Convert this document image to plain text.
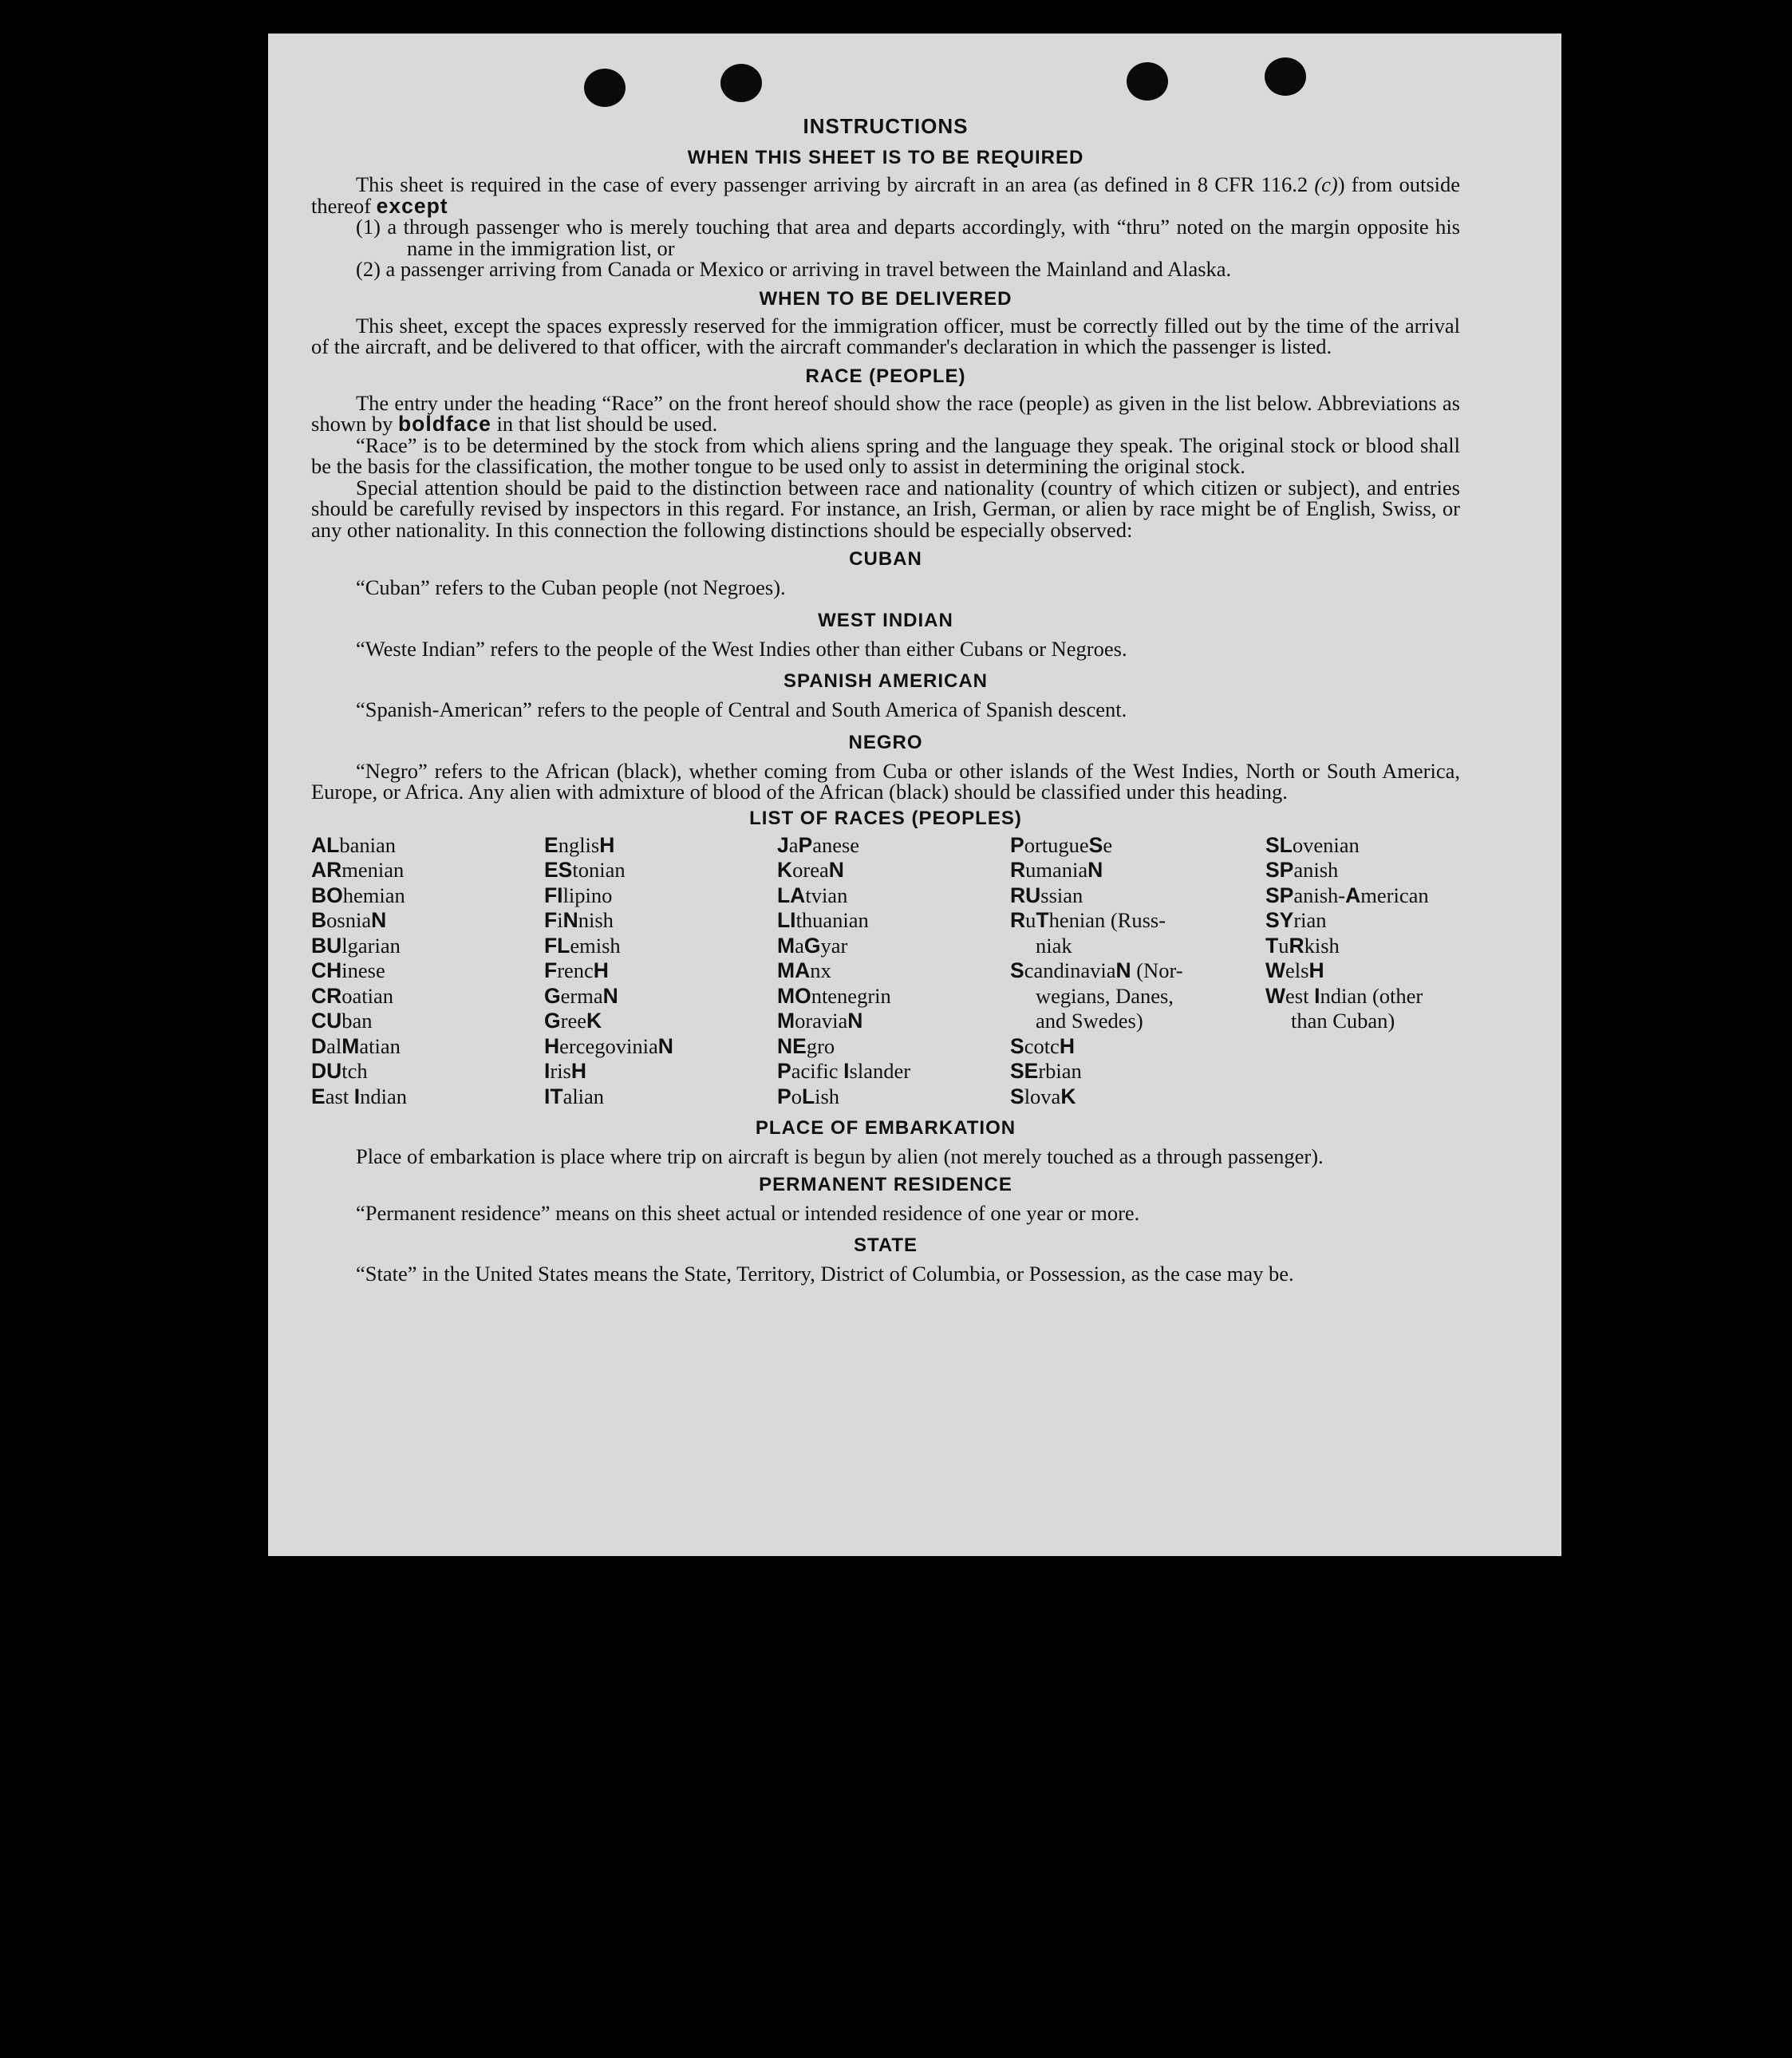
INSTRUCTIONS
WHEN THIS SHEET IS TO BE REQUIRED

This sheet is required in the case of every passenger arriving by aircraft in an area (as defined in 8 CFR 116.2 (c)) from outside thereof except

(1) a through passenger who is merely touching that area and departs accordingly, with “thru” noted on the margin opposite his name in the immigration list, or

(2) a passenger arriving from Canada or Mexico or arriving in travel between the Mainland and Alaska.

WHEN TO BE DELIVERED

This sheet, except the spaces expressly reserved for the immigration officer, must be correctly filled out by the time of the arrival of the aircraft, and be delivered to that officer, with the aircraft commander's declaration in which the passenger is listed.

RACE (PEOPLE)

The entry under the heading “Race” on the front hereof should show the race (people) as given in the list below. Abbreviations as shown by boldface in that list should be used.

“Race” is to be determined by the stock from which aliens spring and the language they speak. The original stock or blood shall be the basis for the classification, the mother tongue to be used only to assist in determining the original stock.

Special attention should be paid to the distinction between race and nationality (country of which citizen or subject), and entries should be carefully revised by inspectors in this regard. For instance, an Irish, German, or alien by race might be of English, Swiss, or any other nationality. In this connection the following distinctions should be especially observed:

CUBAN

“Cuban” refers to the Cuban people (not Negroes).

WEST INDIAN

“Weste Indian” refers to the people of the West Indies other than either Cubans or Negroes.

SPANISH AMERICAN

“Spanish-American” refers to the people of Central and South America of Spanish descent.

NEGRO

“Negro” refers to the African (black), whether coming from Cuba or other islands of the West Indies, North or South America, Europe, or Africa. Any alien with admixture of blood of the African (black) should be classified under this heading.

LIST OF RACES (PEOPLES)
ALbanian
ARmenian
BOhemian
BosniaN
BUlgarian
CHinese
CRoatian
CUban
DalMatian
DUtch
East Indian
EnglisH
EStonian
FIlipino
FiNnish
FLemish
FrencH
GermaN
GreeK
HercegoviniaN
IrisH
ITalian
JaPanese
KoreaN
LAtvian
LIthuanian
MaGyar
MAnx
MOntenegrin
MoraviaN
NEgro
Pacific Islander
PoLish
PortugueSe
RumaniaN
RUssian
RuThenian (Russ-
niak
ScandinaviaN (Nor-
wegians, Danes,
and Swedes)
ScotcH
SErbian
SlovaK
SLovenian
SPanish
SPanish-American
SYrian
TuRkish
WelsH
West Indian (other
than Cuban)
PLACE OF EMBARKATION

Place of embarkation is place where trip on aircraft is begun by alien (not merely touched as a through passenger).

PERMANENT RESIDENCE

“Permanent residence” means on this sheet actual or intended residence of one year or more.

STATE

“State” in the United States means the State, Territory, District of Columbia, or Possession, as the case may be.
